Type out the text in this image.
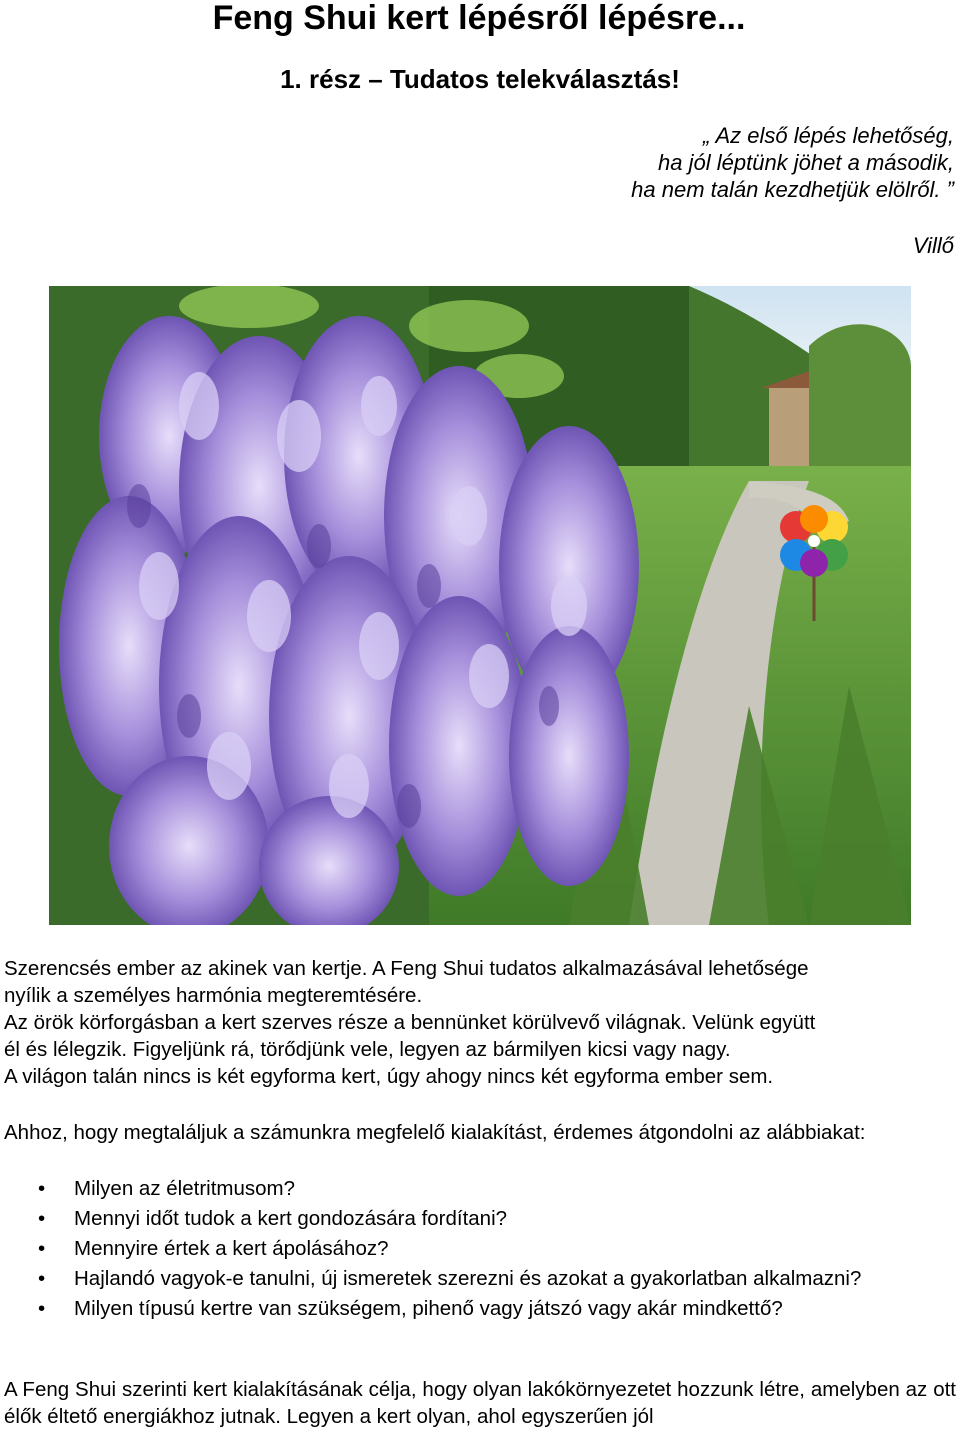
Feng Shui kert lépésről lépésre...
1. rész – Tudatos telekválasztás!
„ Az első lépés lehetőség,
ha jól léptünk jöhet a második,
ha nem talán kezdhetjük elölről. ”
Villő
Szerencsés ember az akinek van kertje. A Feng Shui tudatos alkalmazásával lehetősége
nyílik a személyes harmónia megteremtésére.
Az örök körforgásban a kert szerves része a bennünket körülvevő világnak. Velünk együtt
él és lélegzik. Figyeljünk rá, törődjünk vele, legyen az bármilyen kicsi vagy nagy.
A világon talán nincs is két egyforma kert, úgy ahogy nincs két egyforma ember sem.

Ahhoz, hogy megtaláljuk a számunkra megfelelő kialakítást, érdemes átgondolni az alábbiakat:

• Milyen az életritmusom?
• Mennyi időt tudok a kert gondozására fordítani?
• Mennyire értek a kert ápolásához?
• Hajlandó vagyok-e tanulni, új ismeretek szerezni és azokat a gyakorlatban alkalmazni?
• Milyen típusú kertre van szükségem, pihenő vagy játszó vagy akár mindkettő?

A Feng Shui szerinti kert kialakításának célja, hogy olyan lakókörnyezetet hozzunk létre, amelyben az ott élők éltető energiákhoz jutnak. Legyen a kert olyan, ahol egyszerűen jól
